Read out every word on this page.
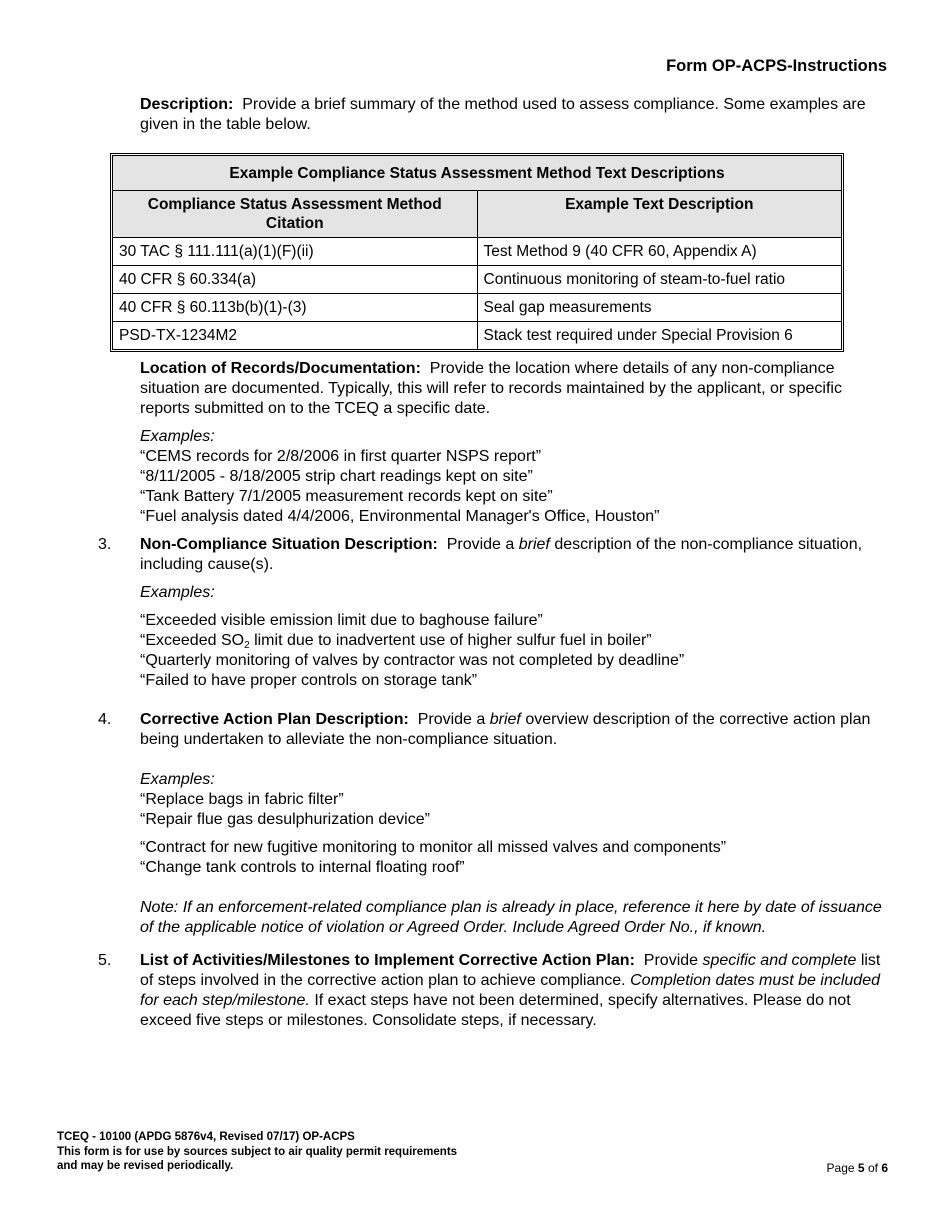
Form OP-ACPS-Instructions
Description: Provide a brief summary of the method used to assess compliance. Some examples are given in the table below.
Example Compliance Status Assessment Method Text Descriptions	
Compliance Status Assessment Method Citation	Example Text Description
30 TAC § 111.111(a)(1)(F)(ii)	Test Method 9 (40 CFR 60, Appendix A)
40 CFR § 60.334(a)	Continuous monitoring of steam-to-fuel ratio
40 CFR § 60.113b(b)(1)-(3)	Seal gap measurements
PSD-TX-1234M2	Stack test required under Special Provision 6
Location of Records/Documentation: Provide the location where details of any non-compliance situation are documented. Typically, this will refer to records maintained by the applicant, or specific reports submitted on to the TCEQ a specific date.
Examples:
“CEMS records for 2/8/2006 in first quarter NSPS report”
“8/11/2005 - 8/18/2005 strip chart readings kept on site”
“Tank Battery 7/1/2005 measurement records kept on site”
“Fuel analysis dated 4/4/2006, Environmental Manager's Office, Houston”
3. Non-Compliance Situation Description: Provide a brief description of the non-compliance situation, including cause(s).
Examples:
“Exceeded visible emission limit due to baghouse failure”
“Exceeded $SO_2$ limit due to inadvertent use of higher sulfur fuel in boiler”
“Quarterly monitoring of valves by contractor was not completed by deadline”
“Failed to have proper controls on storage tank”
4. Corrective Action Plan Description: Provide a brief overview description of the corrective action plan being undertaken to alleviate the non-compliance situation.
Examples:
“Replace bags in fabric filter”
“Repair flue gas desulphurization device”
“Contract for new fugitive monitoring to monitor all missed valves and components”
“Change tank controls to internal floating roof”
Note: If an enforcement-related compliance plan is already in place, reference it here by date of issuance of the applicable notice of violation or Agreed Order. Include Agreed Order No., if known.
5. List of Activities/Milestones to Implement Corrective Action Plan: Provide specific and complete list of steps involved in the corrective action plan to achieve compliance. Completion dates must be included for each step/milestone. If exact steps have not been determined, specify alternatives. Please do not exceed five steps or milestones. Consolidate steps, if necessary.
TCEQ - 10100 (APDG 5876v4, Revised 07/17) OP-ACPS
This form is for use by sources subject to air quality permit requirements
and may be revised periodically.	Page 5 of 6
